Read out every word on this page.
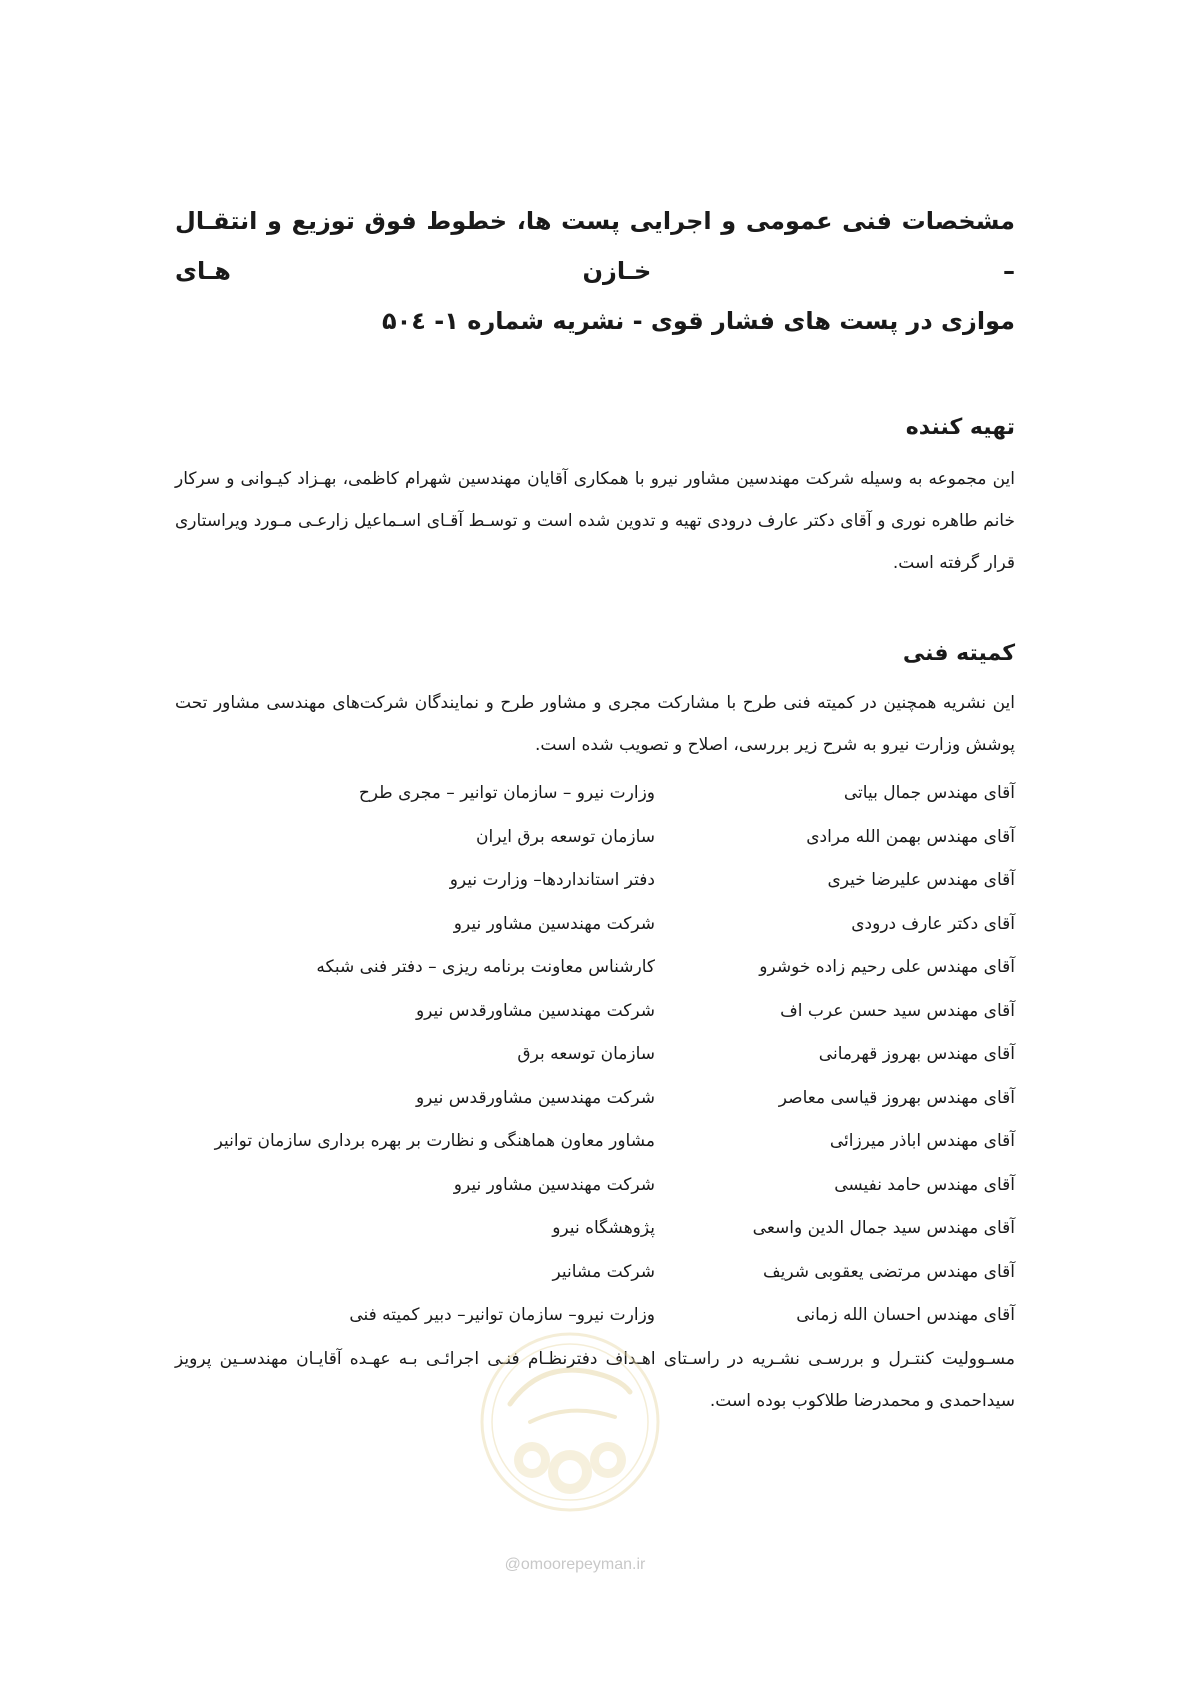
مشخصات فنی عمومی و اجرایی پست ها، خطوط فوق توزیع و انتقـال – خـازن هـای
موازی در پست های فشار قوی - نشریه شماره ۱- ۵۰٤
تهیه کننده

این مجموعه به وسیله شرکت مهندسین مشاور نیرو با همکاری آقایان مهندسین شهرام کاظمی، بهـزاد کیـوانی و سرکار خانم طاهره نوری و آقای دکتر عارف درودی تهیه و تدوین شده است و توسـط آقـای اسـماعیل زارعـی مـورد ویراستاری قرار گرفته است.

کمیته فنی

این نشریه همچنین در کمیته فنی طرح با مشارکت مجری و مشاور طرح و نمایندگان شرکت‌های مهندسی مشاور تحت پوشش وزارت نیرو به شرح زیر بررسی، اصلاح و تصویب شده است.

آقای مهندس جمال بیاتی
وزارت نیرو – سازمان توانیر – مجری طرح
آقای مهندس بهمن الله مرادی
سازمان توسعه برق ایران
آقای مهندس علیرضا خیری
دفتر استانداردها– وزارت نیرو
آقای دکتر عارف درودی
شرکت مهندسین مشاور نیرو
آقای مهندس علی رحیم زاده خوشرو
کارشناس معاونت برنامه ریزی – دفتر فنی شبکه
آقای مهندس سید حسن عرب اف
شرکت مهندسین مشاورقدس نیرو
آقای مهندس بهروز قهرمانی
سازمان توسعه برق
آقای مهندس بهروز قیاسی معاصر
شرکت مهندسین مشاورقدس نیرو
آقای مهندس اباذر میرزائی
مشاور معاون هماهنگی و نظارت بر بهره برداری سازمان توانیر
آقای مهندس حامد نفیسی
شرکت مهندسین مشاور نیرو
آقای مهندس سید جمال الدین واسعی
پژوهشگاه نیرو
آقای مهندس مرتضی یعقوبی شریف
شرکت مشانیر
آقای مهندس احسان الله زمانی
وزارت نیرو– سازمان توانیر– دبیر کمیته فنی

مسـوولیت کنتـرل و بررسـی نشـریه در راسـتای اهـداف دفترنظـام فنـی اجرائـی بـه عهـده آقایـان مهندسـین پرویز سیداحمدی و محمدرضا طلاکوب بوده است.

@omoorepeyman.ir
